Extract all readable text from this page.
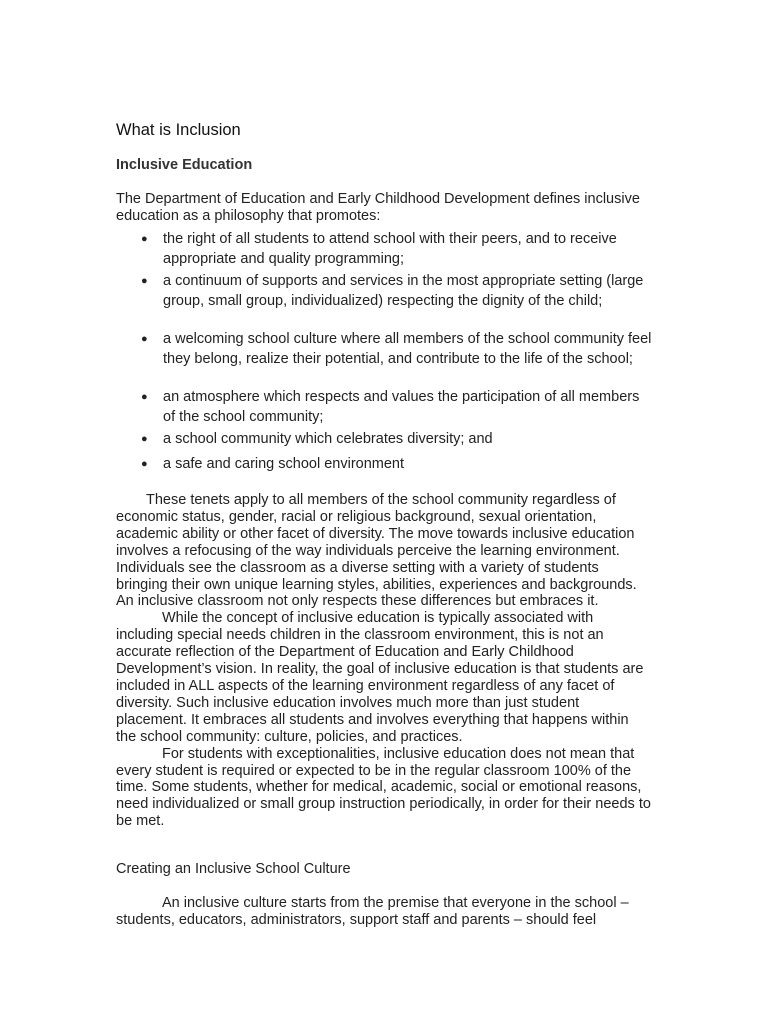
What is Inclusion
Inclusive Education

The Department of Education and Early Childhood Development defines inclusive education as a philosophy that promotes:

● the right of all students to attend school with their peers, and to receive appropriate and quality programming;
● a continuum of supports and services in the most appropriate setting (large group, small group, individualized) respecting the dignity of the child;
● a welcoming school culture where all members of the school community feel they belong, realize their potential, and contribute to the life of the school;
● an atmosphere which respects and values the participation of all members of the school community;
● a school community which celebrates diversity; and
● a safe and caring school environment

These tenets apply to all members of the school community regardless of economic status, gender, racial or religious background, sexual orientation, academic ability or other facet of diversity. The move towards inclusive education involves a refocusing of the way individuals perceive the learning environment. Individuals see the classroom as a diverse setting with a variety of students bringing their own unique learning styles, abilities, experiences and backgrounds. An inclusive classroom not only respects these differences but embraces it.

While the concept of inclusive education is typically associated with including special needs children in the classroom environment, this is not an accurate reflection of the Department of Education and Early Childhood Development’s vision. In reality, the goal of inclusive education is that students are included in ALL aspects of the learning environment regardless of any facet of diversity. Such inclusive education involves much more than just student placement. It embraces all students and involves everything that happens within the school community: culture, policies, and practices.

For students with exceptionalities, inclusive education does not mean that every student is required or expected to be in the regular classroom 100% of the time. Some students, whether for medical, academic, social or emotional reasons, need individualized or small group instruction periodically, in order for their needs to be met.

Creating an Inclusive School Culture

An inclusive culture starts from the premise that everyone in the school – students, educators, administrators, support staff and parents – should feel
